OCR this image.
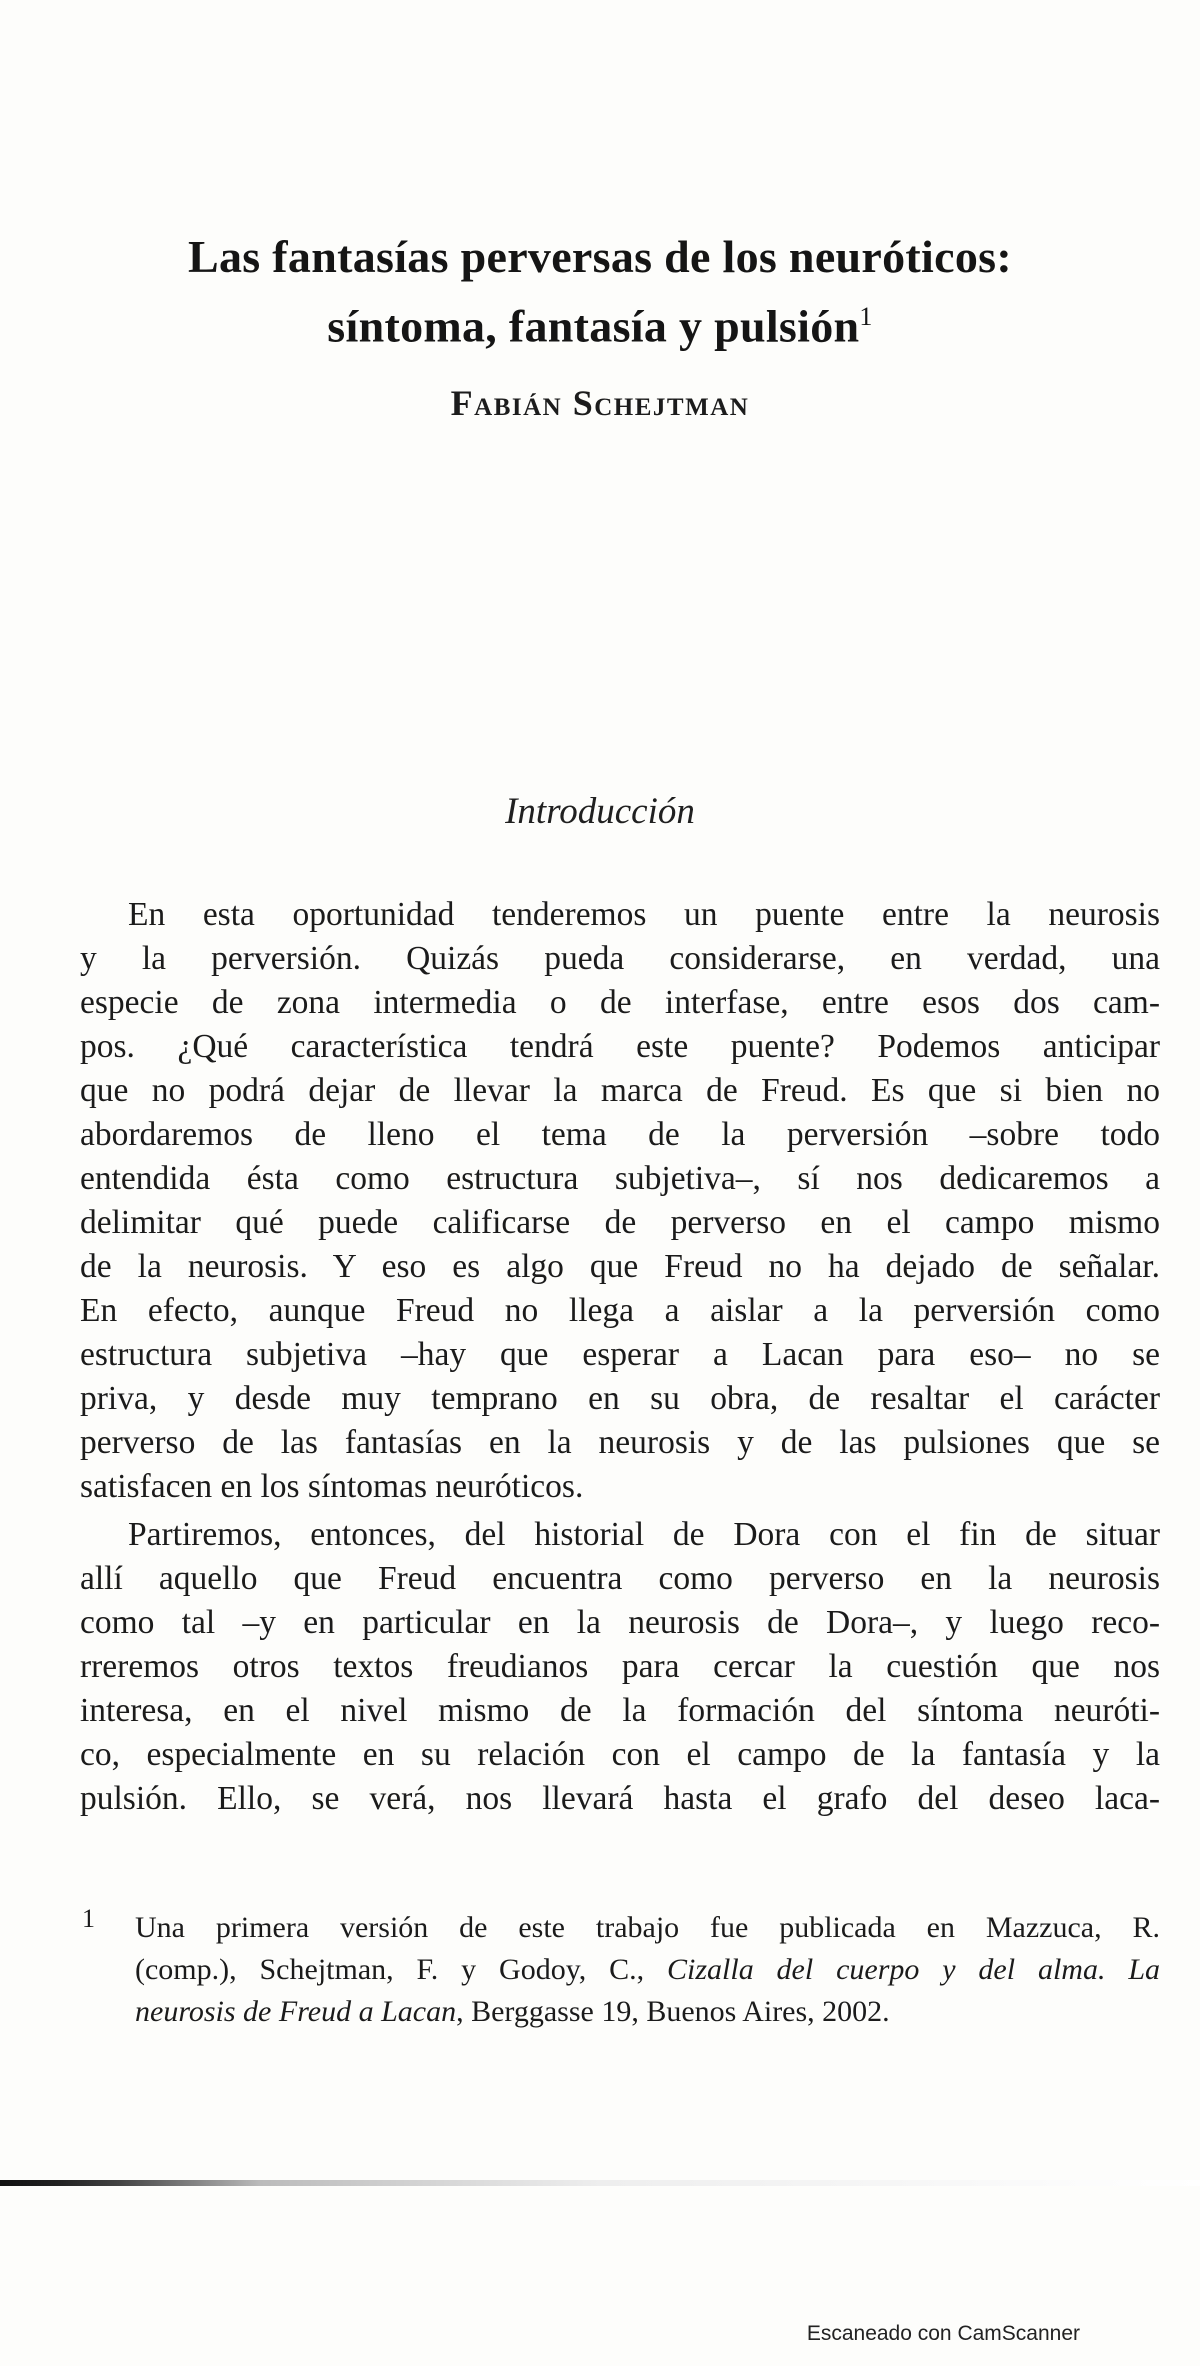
Las fantasías perversas de los neuróticos:
síntoma, fantasía y pulsión$^1$
Fabián Schejtman
Introducción
En esta oportunidad tenderemos un puente entre la neurosis
y la perversión. Quizás pueda considerarse, en verdad, una
especie de zona intermedia o de interfase, entre esos dos cam-
pos. ¿Qué característica tendrá este puente? Podemos anticipar
que no podrá dejar de llevar la marca de Freud. Es que si bien no
abordaremos de lleno el tema de la perversión –sobre todo
entendida ésta como estructura subjetiva–, sí nos dedicaremos a
delimitar qué puede calificarse de perverso en el campo mismo
de la neurosis. Y eso es algo que Freud no ha dejado de señalar.
En efecto, aunque Freud no llega a aislar a la perversión como
estructura subjetiva –hay que esperar a Lacan para eso– no se
priva, y desde muy temprano en su obra, de resaltar el carácter
perverso de las fantasías en la neurosis y de las pulsiones que se
satisfacen en los síntomas neuróticos.
Partiremos, entonces, del historial de Dora con el fin de situar
allí aquello que Freud encuentra como perverso en la neurosis
como tal –y en particular en la neurosis de Dora–, y luego reco-
rreremos otros textos freudianos para cercar la cuestión que nos
interesa, en el nivel mismo de la formación del síntoma neuróti-
co, especialmente en su relación con el campo de la fantasía y la
pulsión. Ello, se verá, nos llevará hasta el grafo del deseo laca-
1 Una primera versión de este trabajo fue publicada en Mazzuca, R.
(comp.), Schejtman, F. y Godoy, C., Cizalla del cuerpo y del alma. La
neurosis de Freud a Lacan, Berggasse 19, Buenos Aires, 2002.
Escaneado con CamScanner
